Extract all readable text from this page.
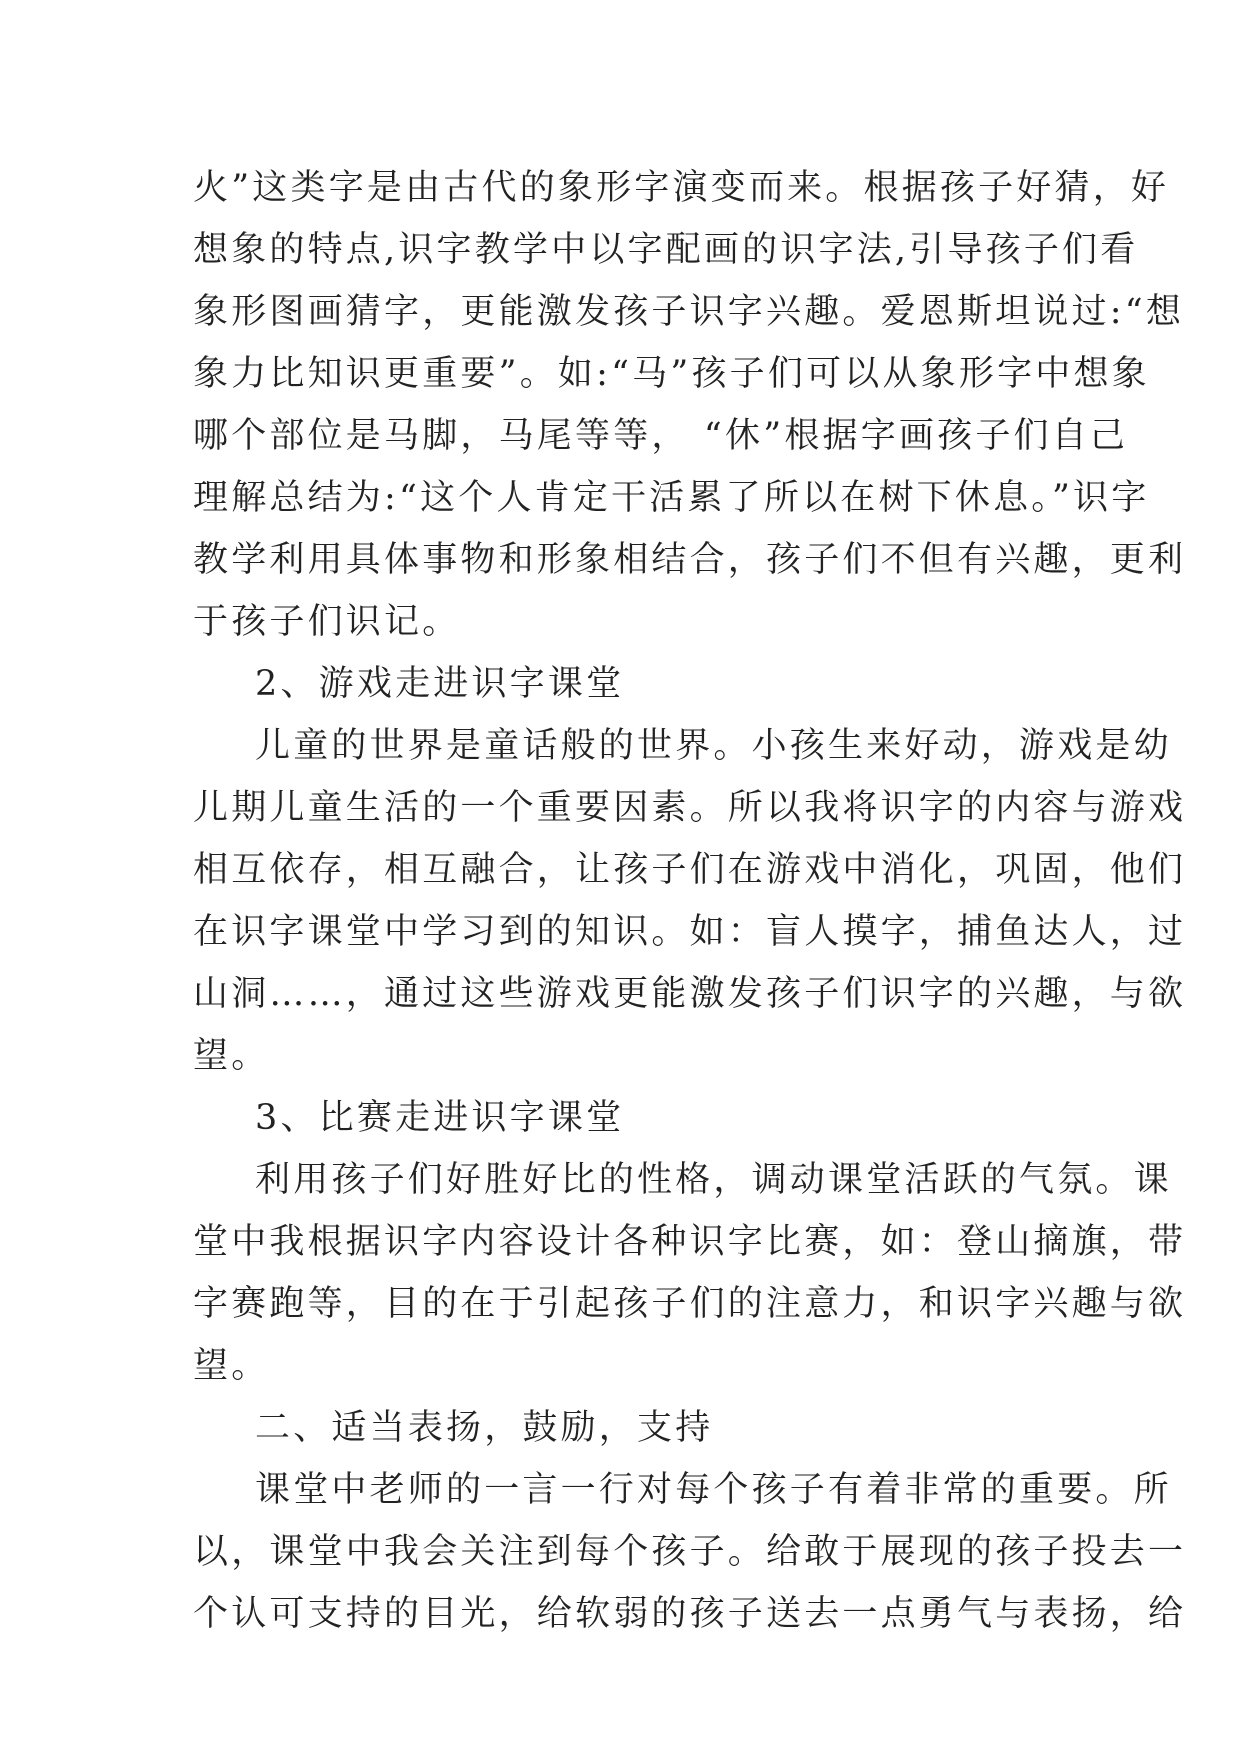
火”这类字是由古代的象形字演变而来。根据孩子好猜，好
想象的特点,识字教学中以字配画的识字法,引导孩子们看
象形图画猜字，更能激发孩子识字兴趣。爱恩斯坦说过:“想
象力比知识更重要”。如:“马”孩子们可以从象形字中想象
哪个部位是马脚，马尾等等， “休”根据字画孩子们自己
理解总结为:“这个人肯定干活累了所以在树下休息。”识字
教学利用具体事物和形象相结合，孩子们不但有兴趣，更利
于孩子们识记。
2、游戏走进识字课堂
儿童的世界是童话般的世界。小孩生来好动，游戏是幼
儿期儿童生活的一个重要因素。所以我将识字的内容与游戏
相互依存，相互融合，让孩子们在游戏中消化，巩固，他们
在识字课堂中学习到的知识。如：盲人摸字，捕鱼达人，过
山洞……，通过这些游戏更能激发孩子们识字的兴趣，与欲
望。
3、比赛走进识字课堂
利用孩子们好胜好比的性格，调动课堂活跃的气氛。课
堂中我根据识字内容设计各种识字比赛，如：登山摘旗，带
字赛跑等，目的在于引起孩子们的注意力，和识字兴趣与欲
望。
二、适当表扬，鼓励，支持
课堂中老师的一言一行对每个孩子有着非常的重要。所
以，课堂中我会关注到每个孩子。给敢于展现的孩子投去一
个认可支持的目光，给软弱的孩子送去一点勇气与表扬，给
